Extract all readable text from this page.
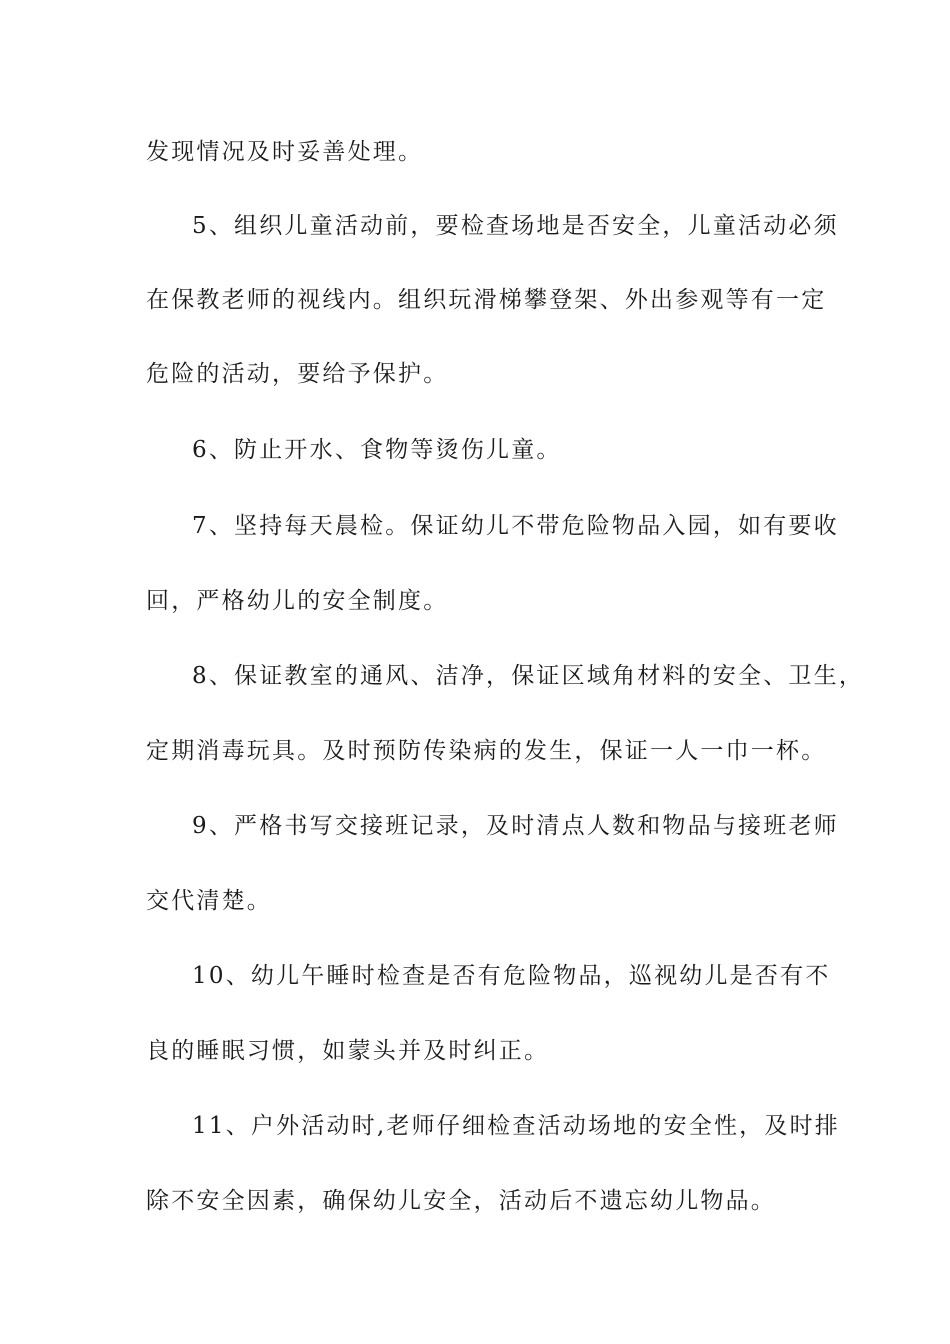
发现情况及时妥善处理。
5、组织儿童活动前，要检查场地是否安全，儿童活动必须
在保教老师的视线内。组织玩滑梯攀登架、外出参观等有一定
危险的活动，要给予保护。
6、防止开水、食物等烫伤儿童。
7、坚持每天晨检。保证幼儿不带危险物品入园，如有要收
回，严格幼儿的安全制度。
8、保证教室的通风、洁净，保证区域角材料的安全、卫生，
定期消毒玩具。及时预防传染病的发生，保证一人一巾一杯。
9、严格书写交接班记录，及时清点人数和物品与接班老师
交代清楚。
10、幼儿午睡时检查是否有危险物品，巡视幼儿是否有不
良的睡眠习惯，如蒙头并及时纠正。
11、户外活动时,老师仔细检查活动场地的安全性，及时排
除不安全因素，确保幼儿安全，活动后不遗忘幼儿物品。
